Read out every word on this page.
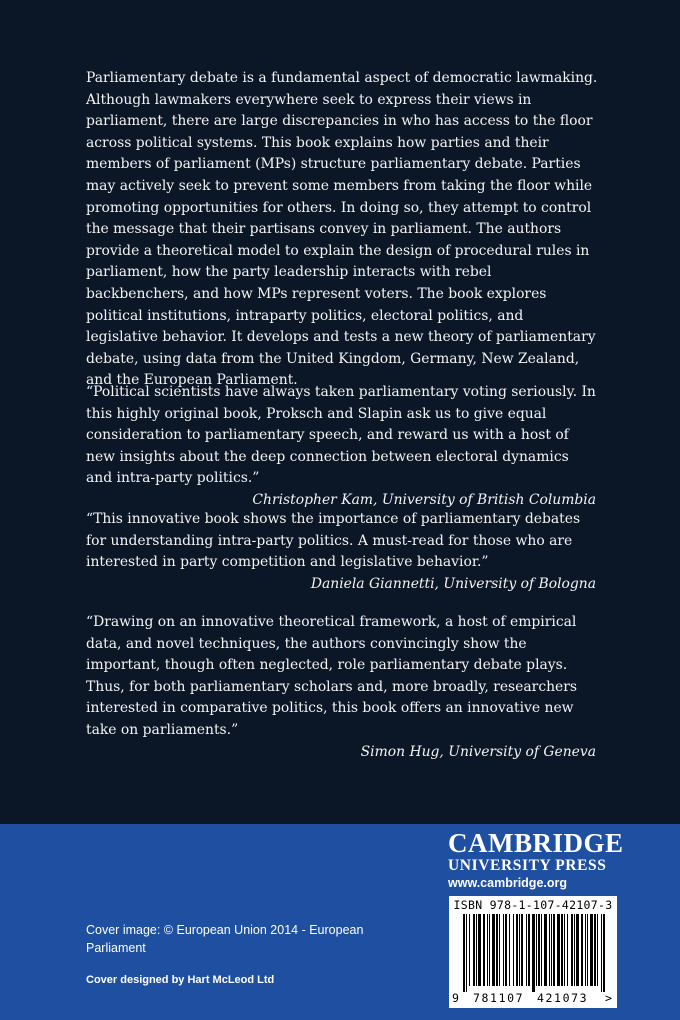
Parliamentary debate is a fundamental aspect of democratic lawmaking. Although lawmakers everywhere seek to express their views in parliament, there are large discrepancies in who has access to the floor across political systems. This book explains how parties and their members of parliament (MPs) structure parliamentary debate. Parties may actively seek to prevent some members from taking the floor while promoting opportunities for others. In doing so, they attempt to control the message that their partisans convey in parliament. The authors provide a theoretical model to explain the design of procedural rules in parliament, how the party leadership interacts with rebel backbenchers, and how MPs represent voters. The book explores political institutions, intraparty politics, electoral politics, and legislative behavior. It develops and tests a new theory of parliamentary debate, using data from the United Kingdom, Germany, New Zealand, and the European Parliament.

“Political scientists have always taken parliamentary voting seriously. In this highly original book, Proksch and Slapin ask us to give equal consideration to parliamentary speech, and reward us with a host of new insights about the deep connection between electoral dynamics and intra-party politics.”

Christopher Kam, University of British Columbia

“This innovative book shows the importance of parliamentary debates for understanding intra-party politics. A must-read for those who are interested in party competition and legislative behavior.”

Daniela Giannetti, University of Bologna

“Drawing on an innovative theoretical framework, a host of empirical data, and novel techniques, the authors convincingly show the important, though often neglected, role parliamentary debate plays. Thus, for both parliamentary scholars and, more broadly, researchers interested in comparative politics, this book offers an innovative new take on parliaments.”

Simon Hug, University of Geneva

CAMBRIDGE
UNIVERSITY PRESS
www.cambridge.org
ISBN 978-1-107-42107-3
9 781107 421073 >
Cover image: © European Union 2014 - European Parliament
Cover designed by Hart McLeod Ltd
